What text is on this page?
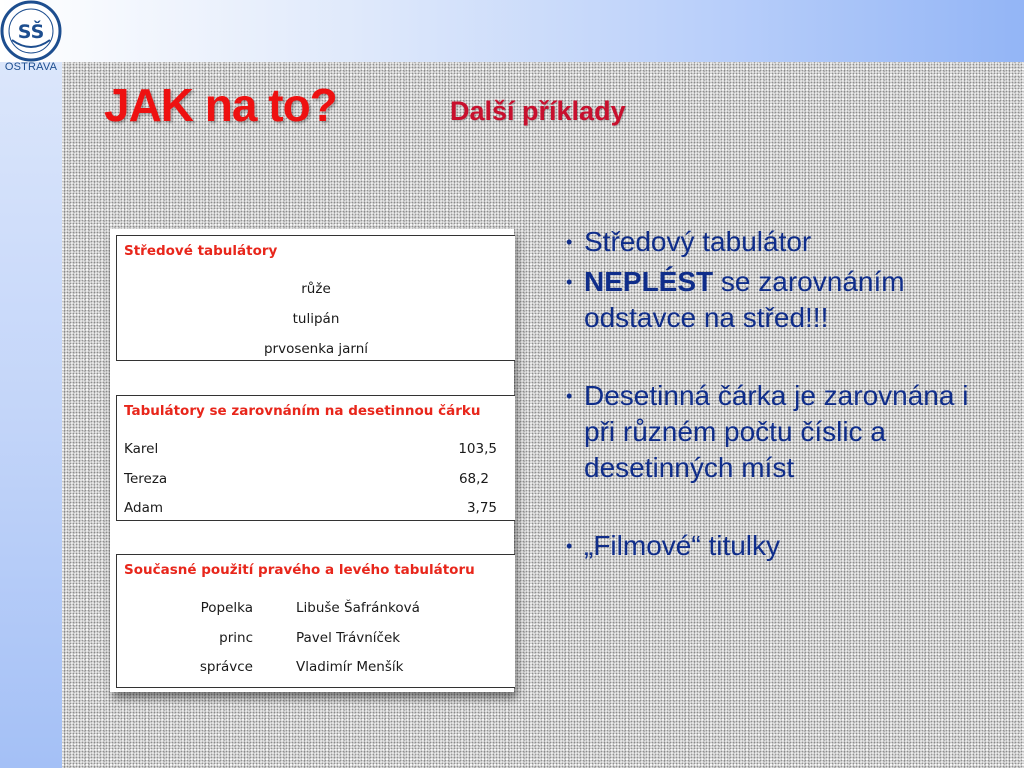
SŠ
OSTRAVA
JAK na to?	Další příklady
Středové tabulátory
růže
tulipán
prvosenka jarní
Tabulátory se zarovnáním na desetinnou čárku
Karel	103,5
Tereza	68,2
Adam	3,75
Současné použití pravého a levého tabulátoru
Popelka	Libuše Šafránková
princ	Pavel Trávníček
správce	Vladimír Menšík
• Středový tabulátor
• NEPLÉST se zarovnáním odstavce na střed!!!
• Desetinná čárka je zarovnána i při různém počtu číslic a desetinných míst
• „Filmové“ titulky
